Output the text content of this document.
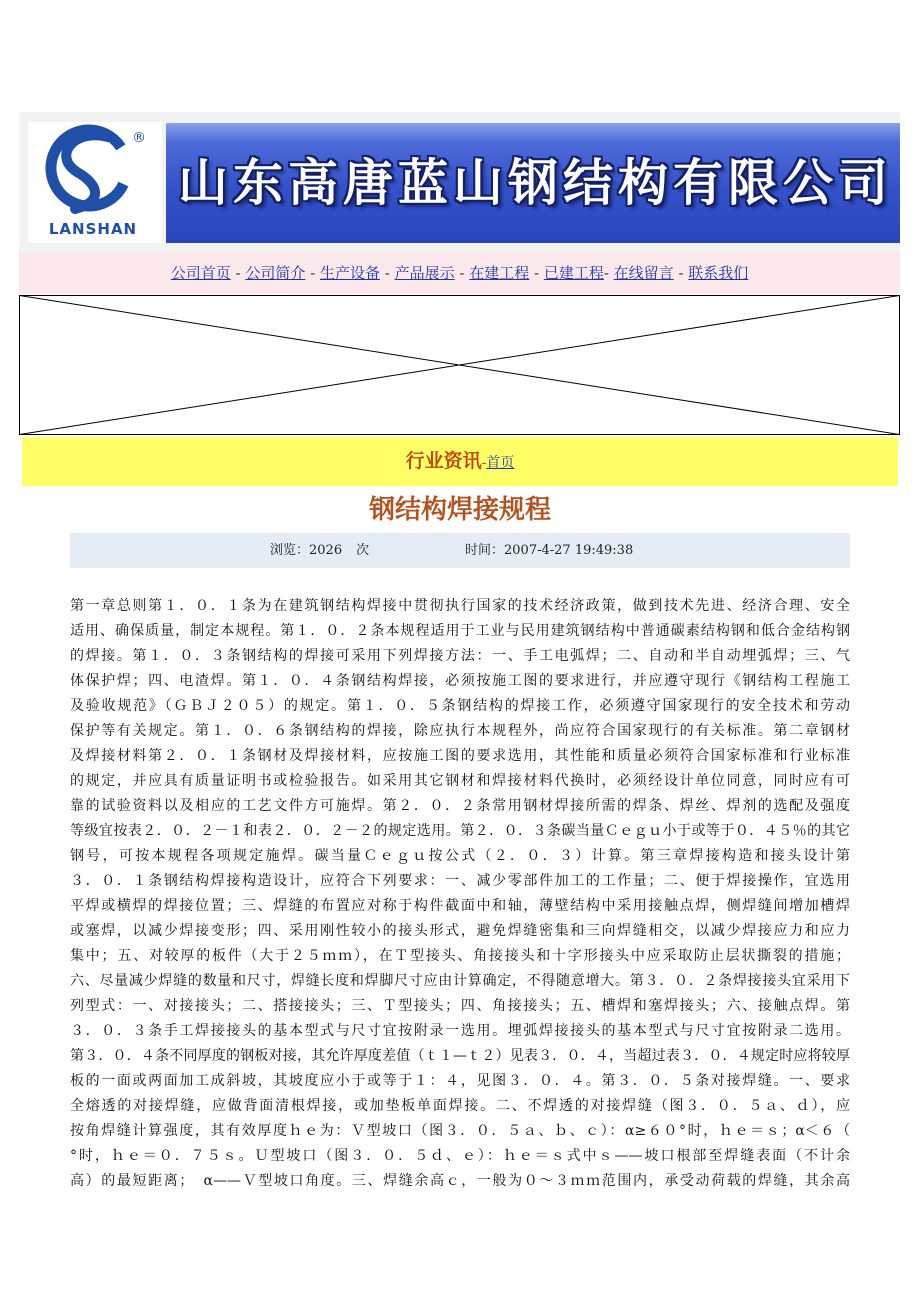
®
LANSHAN
山东高唐蓝山钢结构有限公司
公司首页 - 公司简介 - 生产设备 - 产品展示 - 在建工程 - 已建工程- 在线留言 - 联系我们
行业资讯-首页
钢结构焊接规程
浏览：2026 次	时间：2007-4-27 19:49:38
第一章总则第１．０．１条为在建筑钢结构焊接中贯彻执行国家的技术经济政策，做到技术先进、经济合理、安全
适用、确保质量，制定本规程。第１．０．２条本规程适用于工业与民用建筑钢结构中普通碳素结构钢和低合金结构钢
的焊接。第１．０．３条钢结构的焊接可采用下列焊接方法：一、手工电弧焊；二、自动和半自动埋弧焊；三、气
体保护焊；四、电渣焊。第１．０．４条钢结构焊接，必须按施工图的要求进行，并应遵守现行《钢结构工程施工
及验收规范》（ＧＢＪ２０５）的规定。第１．０．５条钢结构的焊接工作，必须遵守国家现行的安全技术和劳动
保护等有关规定。第１．０．６条钢结构的焊接，除应执行本规程外，尚应符合国家现行的有关标准。第二章钢材
及焊接材料第２．０．１条钢材及焊接材料，应按施工图的要求选用，其性能和质量必须符合国家标准和行业标准
的规定，并应具有质量证明书或检验报告。如采用其它钢材和焊接材料代换时，必须经设计单位同意，同时应有可
靠的试验资料以及相应的工艺文件方可施焊。第２．０．２条常用钢材焊接所需的焊条、焊丝、焊剂的选配及强度
等级宜按表２．０．２－１和表２．０．２－２的规定选用。第２．０．３条碳当量Ｃｅｇｕ小于或等于０．４５％的其它
钢号，可按本规程各项规定施焊。碳当量Ｃｅｇｕ按公式（２．０．３）计算。第三章焊接构造和接头设计第
３．０．１条钢结构焊接构造设计，应符合下列要求：一、减少零部件加工的工作量；二、便于焊接操作，宜选用
平焊或横焊的焊接位置；三、焊缝的布置应对称于构件截面中和轴，薄壁结构中采用接触点焊，侧焊缝间增加槽焊
或塞焊，以减少焊接变形；四、采用刚性较小的接头形式，避免焊缝密集和三向焊缝相交，以减少焊接应力和应力
集中；五、对较厚的板件（大于２５ｍｍ），在Ｔ型接头、角接接头和十字形接头中应采取防止层状撕裂的措施；
六、尽量减少焊缝的数量和尺寸，焊缝长度和焊脚尺寸应由计算确定，不得随意增大。第３．０．２条焊接接头宜采用下
列型式：一、对接接头；二、搭接接头；三、Ｔ型接头；四、角接接头；五、槽焊和塞焊接头；六、接触点焊。第
３．０．３条手工焊接接头的基本型式与尺寸宜按附录一选用。埋弧焊接接头的基本型式与尺寸宜按附录二选用。
第３．０．４条不同厚度的钢板对接，其允许厚度差值（ｔ１—ｔ２）见表３．０．４，当超过表３．０．４规定时应将较厚
板的一面或两面加工成斜坡，其坡度应小于或等于１：４，见图３．０．４。第３．０．５条对接焊缝。一、要求
全熔透的对接焊缝，应做背面清根焊接，或加垫板单面焊接。二、不焊透的对接焊缝（图３．０．５ａ、ｄ），应
按角焊缝计算强度，其有效厚度ｈｅ为：Ｖ型坡口（图３．０．５ａ、ｂ、ｃ）：α≥６０°时，ｈｅ＝ｓ；α＜６（
°时，ｈｅ＝０．７５ｓ。Ｕ型坡口（图３．０．５ｄ、ｅ）：ｈｅ＝ｓ式中ｓ——坡口根部至焊缝表面（不计余
高）的最短距离；　α——Ｖ型坡口角度。三、焊缝余高ｃ，一般为０～３ｍｍ范围内，承受动荷载的焊缝，其余高
